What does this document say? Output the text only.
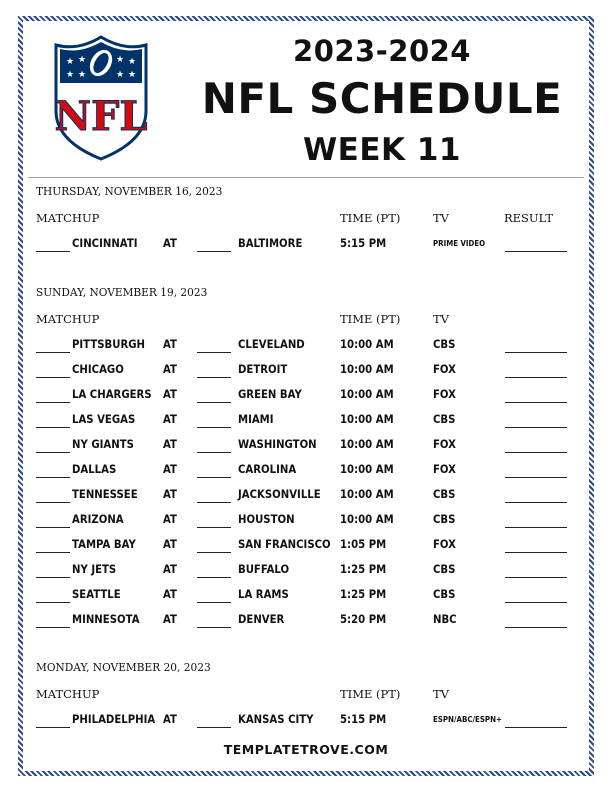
★ ★
★ ★
★ ★
★ ★
NFL
2023-2024
NFL SCHEDULE
WEEK 11
THURSDAY, NOVEMBER 16, 2023
MATCHUP	TIME (PT)	TV	RESULT
CINCINNATI AT	BALTIMORE	5:15 PM	PRIME VIDEO
SUNDAY, NOVEMBER 19, 2023
MATCHUP	TIME (PT)	TV
PITTSBURGH AT	CLEVELAND	10:00 AM	CBS
CHICAGO	AT	DETROIT	10:00 AM	FOX
LA CHARGERS AT	GREEN BAY	10:00 AM	FOX
LAS VEGAS AT	MIAMI	10:00 AM	CBS
NY GIANTS	AT	WASHINGTON 10:00 AM	FOX
DALLAS	AT	CAROLINA	10:00 AM	FOX
TENNESSEE AT	JACKSONVILLE 10:00 AM	CBS
ARIZONA	AT	HOUSTON	10:00 AM	CBS
TAMPA BAY AT	SAN FRANCISCO 1:05 PM	FOX
NY JETS	AT	BUFFALO	1:25 PM	CBS
SEATTLE	AT	LA RAMS	1:25 PM	CBS
MINNESOTA AT	DENVER	5:20 PM	NBC
MONDAY, NOVEMBER 20, 2023
MATCHUP	TIME (PT)	TV
PHILADELPHIA AT	KANSAS CITY 5:15 PM	ESPN/ABC/ESPN+
TEMPLATETROVE.COM
